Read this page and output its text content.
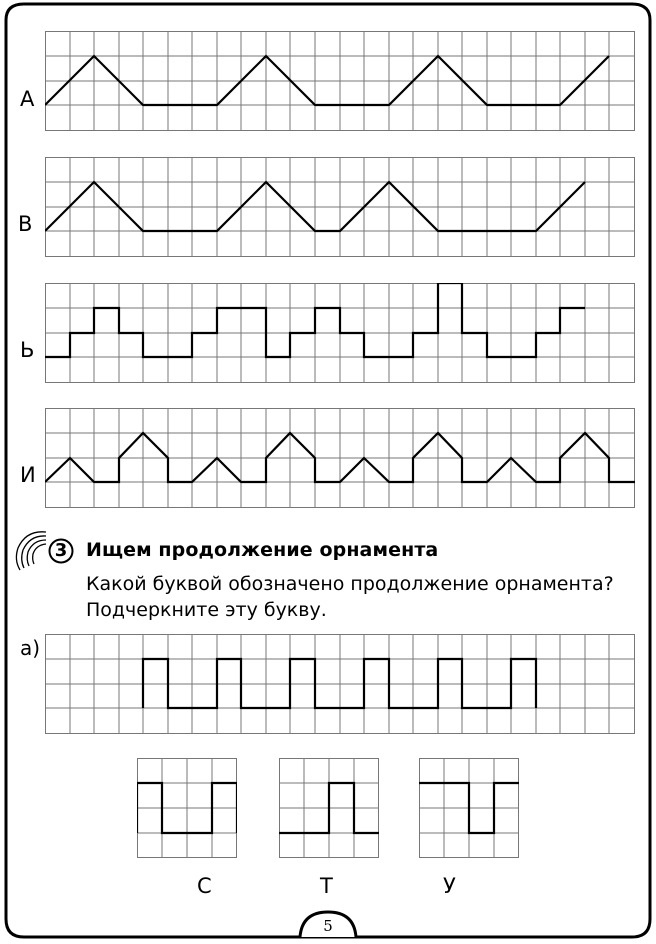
А
В
Ь
И
3 Ищем продолжение орнамента
Какой буквой обозначено продолжение орнамента?
Подчеркните эту букву.
а)
С	Т	У
5
